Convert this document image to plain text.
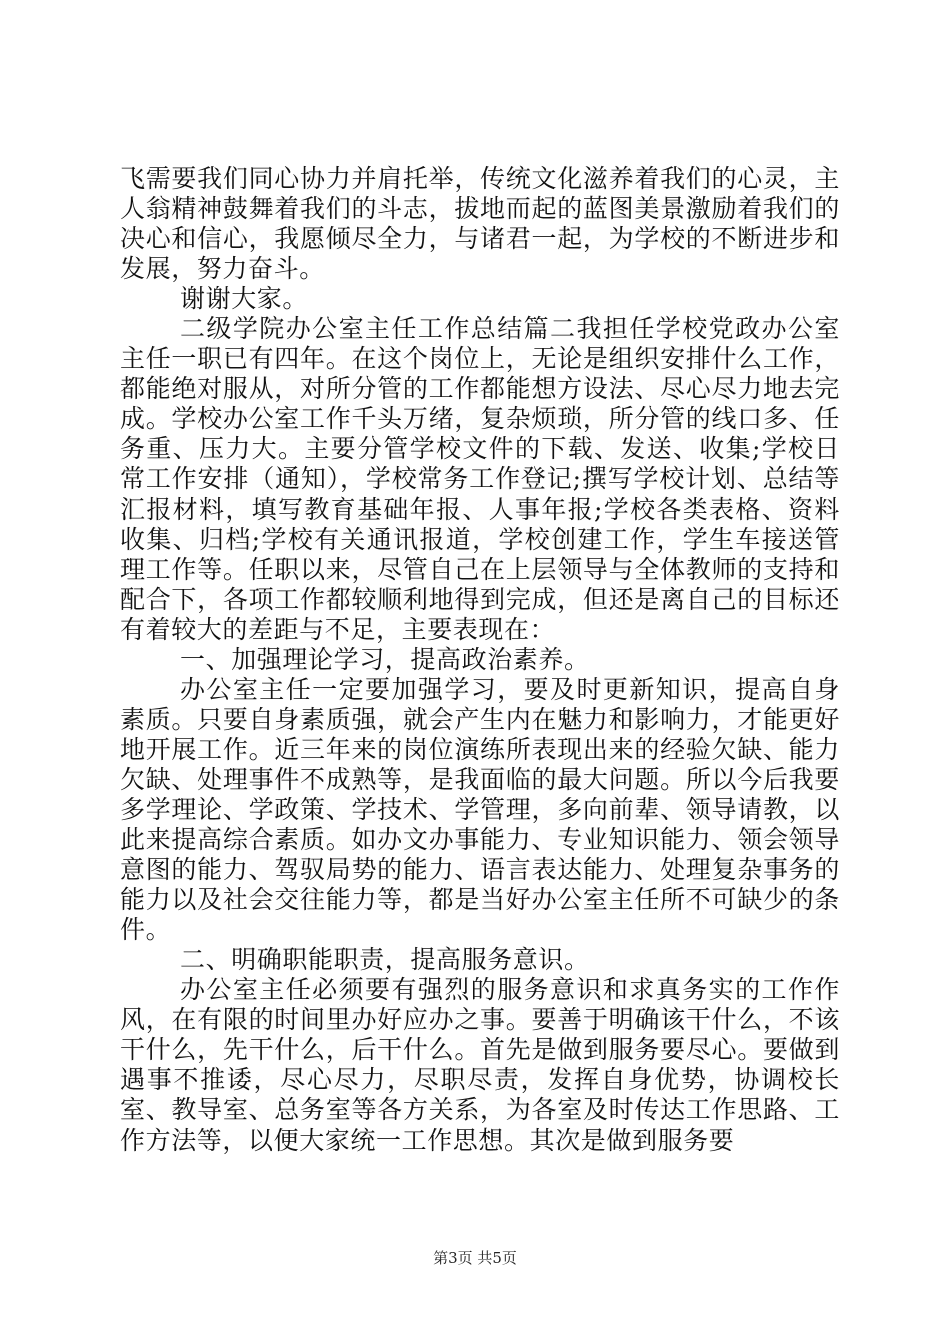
飞需要我们同心协力并肩托举，传统文化滋养着我们的心灵，主人翁精神鼓舞着我们的斗志，拔地而起的蓝图美景激励着我们的决心和信心，我愿倾尽全力，与诸君一起，为学校的不断进步和发展，努力奋斗。

谢谢大家。

二级学院办公室主任工作总结篇二我担任学校党政办公室主任一职已有四年。在这个岗位上，无论是组织安排什么工作，都能绝对服从，对所分管的工作都能想方设法、尽心尽力地去完成。学校办公室工作千头万绪，复杂烦琐，所分管的线口多、任务重、压力大。主要分管学校文件的下载、发送、收集;学校日常工作安排（通知），学校常务工作登记;撰写学校计划、总结等汇报材料，填写教育基础年报、人事年报;学校各类表格、资料收集、归档;学校有关通讯报道，学校创建工作，学生车接送管理工作等。任职以来，尽管自己在上层领导与全体教师的支持和配合下，各项工作都较顺利地得到完成，但还是离自己的目标还有着较大的差距与不足，主要表现在：

一、加强理论学习，提高政治素养。

办公室主任一定要加强学习，要及时更新知识，提高自身素质。只要自身素质强，就会产生内在魅力和影响力，才能更好地开展工作。近三年来的岗位演练所表现出来的经验欠缺、能力欠缺、处理事件不成熟等，是我面临的最大问题。所以今后我要多学理论、学政策、学技术、学管理，多向前辈、领导请教，以此来提高综合素质。如办文办事能力、专业知识能力、领会领导意图的能力、驾驭局势的能力、语言表达能力、处理复杂事务的能力以及社会交往能力等，都是当好办公室主任所不可缺少的条件。

二、明确职能职责，提高服务意识。

办公室主任必须要有强烈的服务意识和求真务实的工作作风，在有限的时间里办好应办之事。要善于明确该干什么，不该干什么，先干什么，后干什么。首先是做到服务要尽心。要做到遇事不推诿，尽心尽力，尽职尽责，发挥自身优势，协调校长室、教导室、总务室等各方关系，为各室及时传达工作思路、工作方法等，以便大家统一工作思想。其次是做到服务要

第3页 共5页
